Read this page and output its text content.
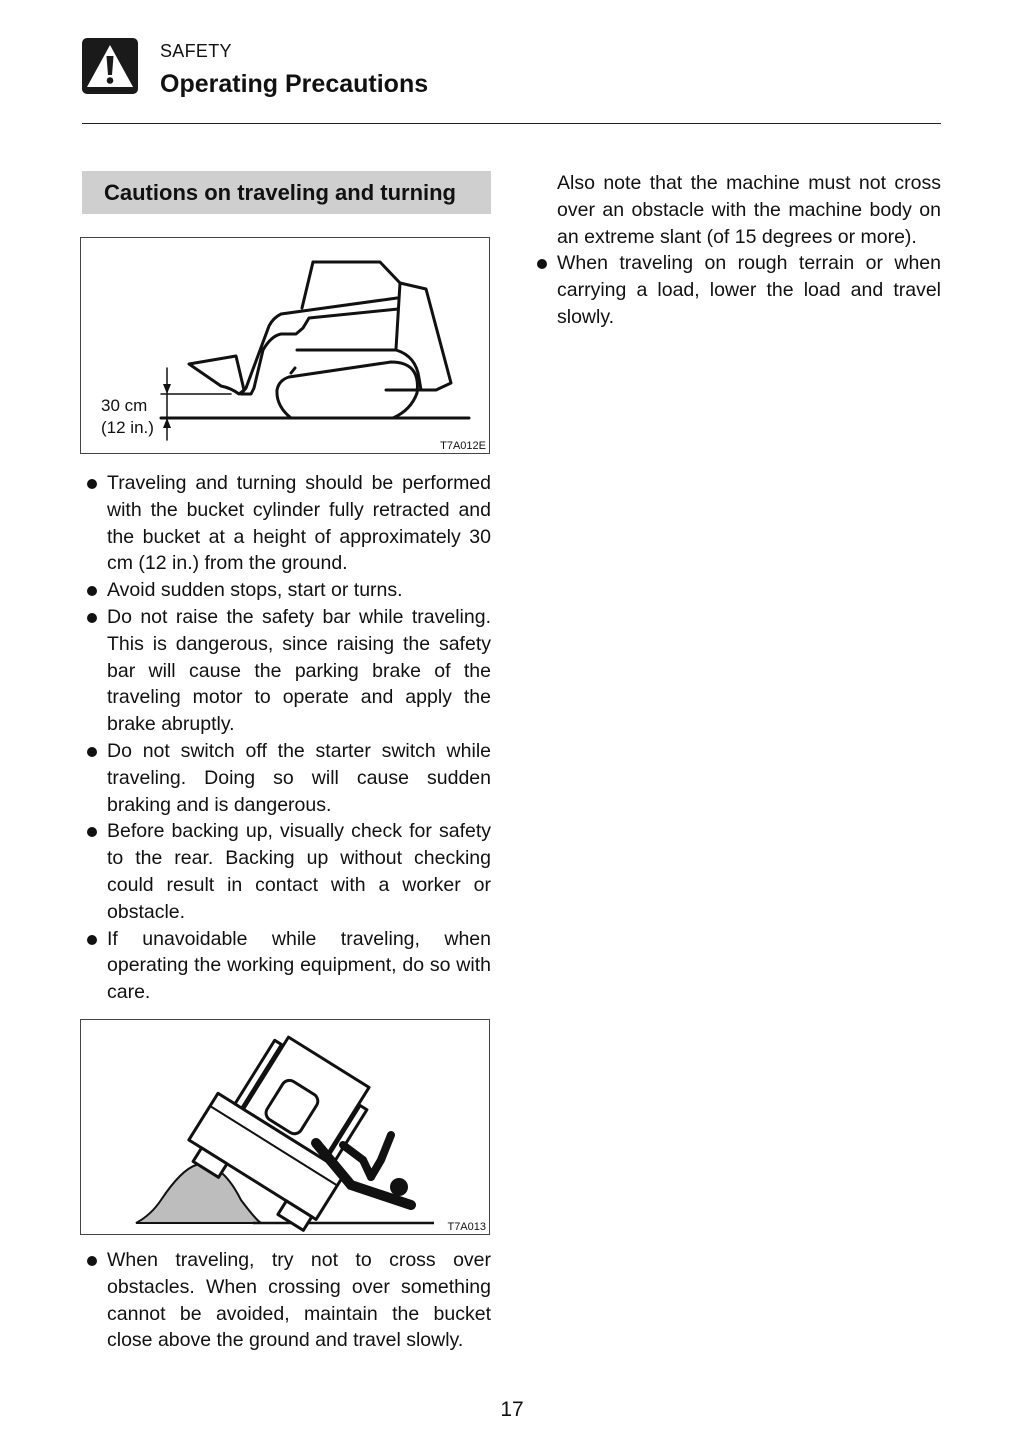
SAFETY
Operating Precautions
Cautions on traveling and turning
30 cm
(12 in.)
T7A012E
Traveling and turning should be performed with the bucket cylinder fully retracted and the bucket at a height of approximately 30 cm (12 in.) from the ground.
Avoid sudden stops, start or turns.
Do not raise the safety bar while traveling. This is dangerous, since raising the safety bar will cause the parking brake of the traveling motor to operate and apply the brake abruptly.
Do not switch off the starter switch while traveling. Doing so will cause sudden braking and is dangerous.
Before backing up, visually check for safety to the rear. Backing up without checking could result in contact with a worker or obstacle.
If unavoidable while traveling, when operating the working equipment, do so with care.
T7A013
When traveling, try not to cross over obstacles. When crossing over something cannot be avoided, maintain the bucket close above the ground and travel slowly.
Also note that the machine must not cross over an obstacle with the machine body on an extreme slant (of 15 degrees or more).
When traveling on rough terrain or when carrying a load, lower the load and travel slowly.
17
